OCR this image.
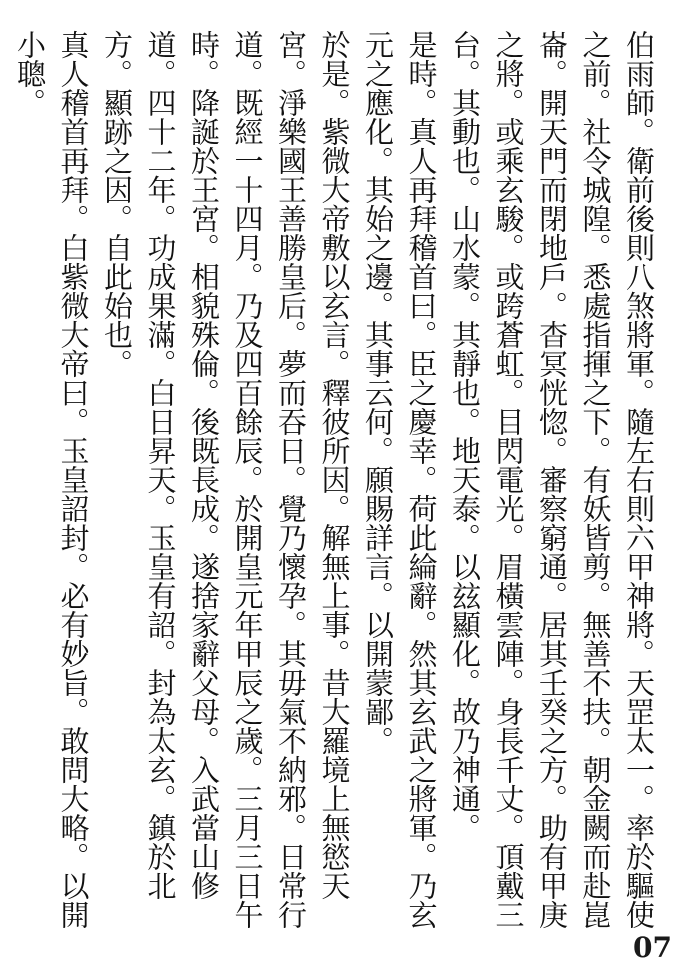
伯雨師。衛前後則八煞將軍。隨左右則六甲神將。天罡太一。率於驅使之前。社令城隍。悉處指揮之下。有妖皆剪。無善不扶。朝金闕而赴崑崙。開天門而閉地戶。杳冥恍惚。審察窮通。居其壬癸之方。助有甲庚之將。或乘玄駿。或跨蒼虹。目閃電光。眉橫雲陣。身長千丈。頂戴三台。其動也。山水蒙。其靜也。地天泰。以玆顯化。故乃神通。
是時。真人再拜稽首曰。臣之慶幸。荷此綸辭。然其玄武之將軍。乃玄元之應化。其始之邊。其事云何。願賜詳言。以開蒙鄙。
於是。紫微大帝敷以玄言。釋彼所因。解無上事。昔大羅境上無慾天宮。淨樂國王善勝皇后。夢而吞日。覺乃懷孕。其毋氣不納邪。日常行道。既經一十四月。乃及四百餘辰。於開皇元年甲辰之歲。三月三日午時。降誕於王宮。相貌殊倫。後既長成。遂捨家辭父母。入武當山修道。四十二年。功成果滿。白日昇天。玉皇有詔。封為太玄。鎮於北方。顯跡之因。自此始也。
真人稽首再拜。白紫微大帝曰。玉皇詔封。必有妙旨。敢問大略。以開小聰。
07
